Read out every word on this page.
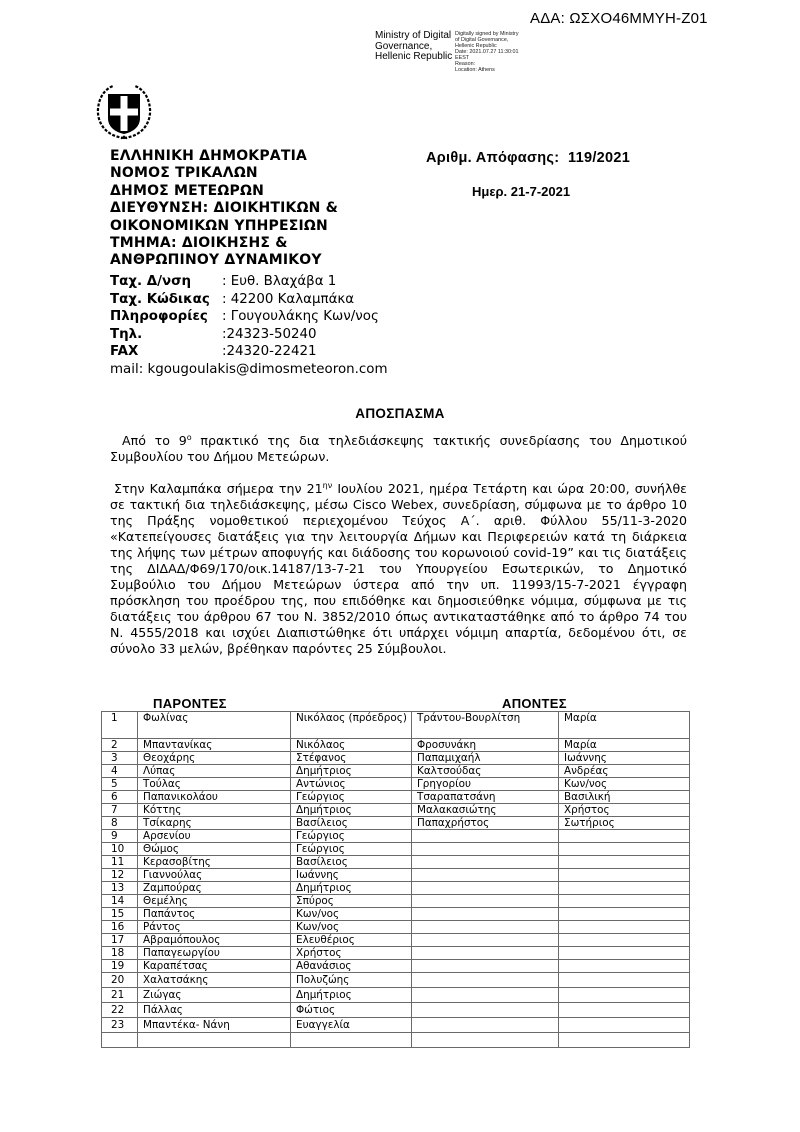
ΑΔΑ: ΩΣΧΟ46ΜΜΥΗ-Ζ01
Ministry of Digital
Governance,
Hellenic Republic
Digitally signed by Ministry
of Digital Governance,
Hellenic Republic
Date: 2021.07.27 11:30:01
EEST
Reason:
Location: Athens
ΕΛΛΗΝΙΚΗ ΔΗΜΟΚΡΑΤΙΑ
ΝΟΜΟΣ ΤΡΙΚΑΛΩΝ
ΔΗΜΟΣ ΜΕΤΕΩΡΩΝ
ΔΙΕΥΘΥΝΣΗ: ΔΙΟΙΚΗΤΙΚΩΝ &
ΟΙΚΟΝΟΜΙΚΩΝ ΥΠΗΡΕΣΙΩΝ
ΤΜΗΜΑ: ΔΙΟΙΚΗΣΗΣ &
ΑΝΘΡΩΠΙΝΟΥ ΔΥΝΑΜΙΚΟΥ
Αριθμ. Απόφασης: 119/2021
Ημερ. 21-7-2021
Ταχ. Δ/νση	: Ευθ. Βλαχάβα 1
Ταχ. Κώδικας : 42200 Καλαμπάκα
Πληροφορίες	: Γουγουλάκης Κων/νος
Τηλ.	:24323-50240
FAX	:24320-22421
mail: kgougoulakis@dimosmeteoron.com
ΑΠΟΣΠΑΣΜΑ
Από το $9^o$ πρακτικό της δια τηλεδιάσκεψης τακτικής συνεδρίασης του Δημοτικού Συμβουλίου του Δήμου Μετεώρων.
Στην Καλαμπάκα σήμερα την $21^{\eta\nu}$ Ιουλίου 2021, ημέρα Τετάρτη και ώρα 20:00, συνήλθε σε τακτική δια τηλεδιάσκεψης, μέσω Cisco Webex, συνεδρίαση, σύμφωνα με το άρθρο 10 της Πράξης νομοθετικού περιεχομένου Τεύχος Α΄. αριθ. Φύλλου 55/11-3-2020 «Κατεπείγουσες διατάξεις για την λειτουργία Δήμων και Περιφερειών κατά τη διάρκεια της λήψης των μέτρων αποφυγής και διάδοσης του κορωνοιού covid-19” και τις διατάξεις της ΔΙΔΑΔ/Φ69/170/οικ.14187/13-7-21 του Υπουργείου Εσωτερικών, το Δημοτικό Συμβούλιο του Δήμου Μετεώρων ύστερα από την υπ. 11993/15-7-2021 έγγραφη πρόσκληση του προέδρου της, που επιδόθηκε και δημοσιεύθηκε νόμιμα, σύμφωνα με τις διατάξεις του άρθρου 67 του Ν. 3852/2010 όπως αντικαταστάθηκε από το άρθρο 74 του Ν. 4555/2018 και ισχύει Διαπιστώθηκε ότι υπάρχει νόμιμη απαρτία, δεδομένου ότι, σε σύνολο 33 μελών, βρέθηκαν παρόντες 25 Σύμβουλοι.
ΠΑΡΟΝΤΕΣ	ΑΠΟΝΤΕΣ
1	Φωλίνας	Νικόλαος (πρόεδρος)	Τράντου-Βουρλίτση	Μαρία
2	Μπαντανίκας	Νικόλαος	Φροσυνάκη	Μαρία
3	Θεοχάρης	Στέφανος	Παπαμιχαήλ	Ιωάννης
4	Λύπας	Δημήτριος	Καλτσούδας	Ανδρέας
5	Τούλας	Αντώνιος	Γρηγορίου	Κων/νος
6	Παπανικολάου	Γεώργιος	Τσαραπατσάνη	Βασιλική
7	Κόττης	Δημήτριος	Μαλακασιώτης	Χρήστος
8	Τσίκαρης	Βασίλειος	Παπαχρήστος	Σωτήριος
9	Αρσενίου	Γεώργιος		
10	Θώμος	Γεώργιος		
11	Κερασοβίτης	Βασίλειος		
12	Γιαννούλας	Ιωάννης		
13	Ζαμπούρας	Δημήτριος		
14	Θεμέλης	Σπύρος		
15	Παπάντος	Κων/νος		
16	Ράντος	Κων/νος		
17	Αβραμόπουλος	Ελευθέριος		
18	Παπαγεωργίου	Χρήστος		
19	Καραπέτσας	Αθανάσιος		
20	Χαλατσάκης	Πολυζώης		
21	Ζιώγας	Δημήτριος		
22	Πάλλας	Φώτιος		
23	Μπαντέκα- Νάνη	Ευαγγελία		
